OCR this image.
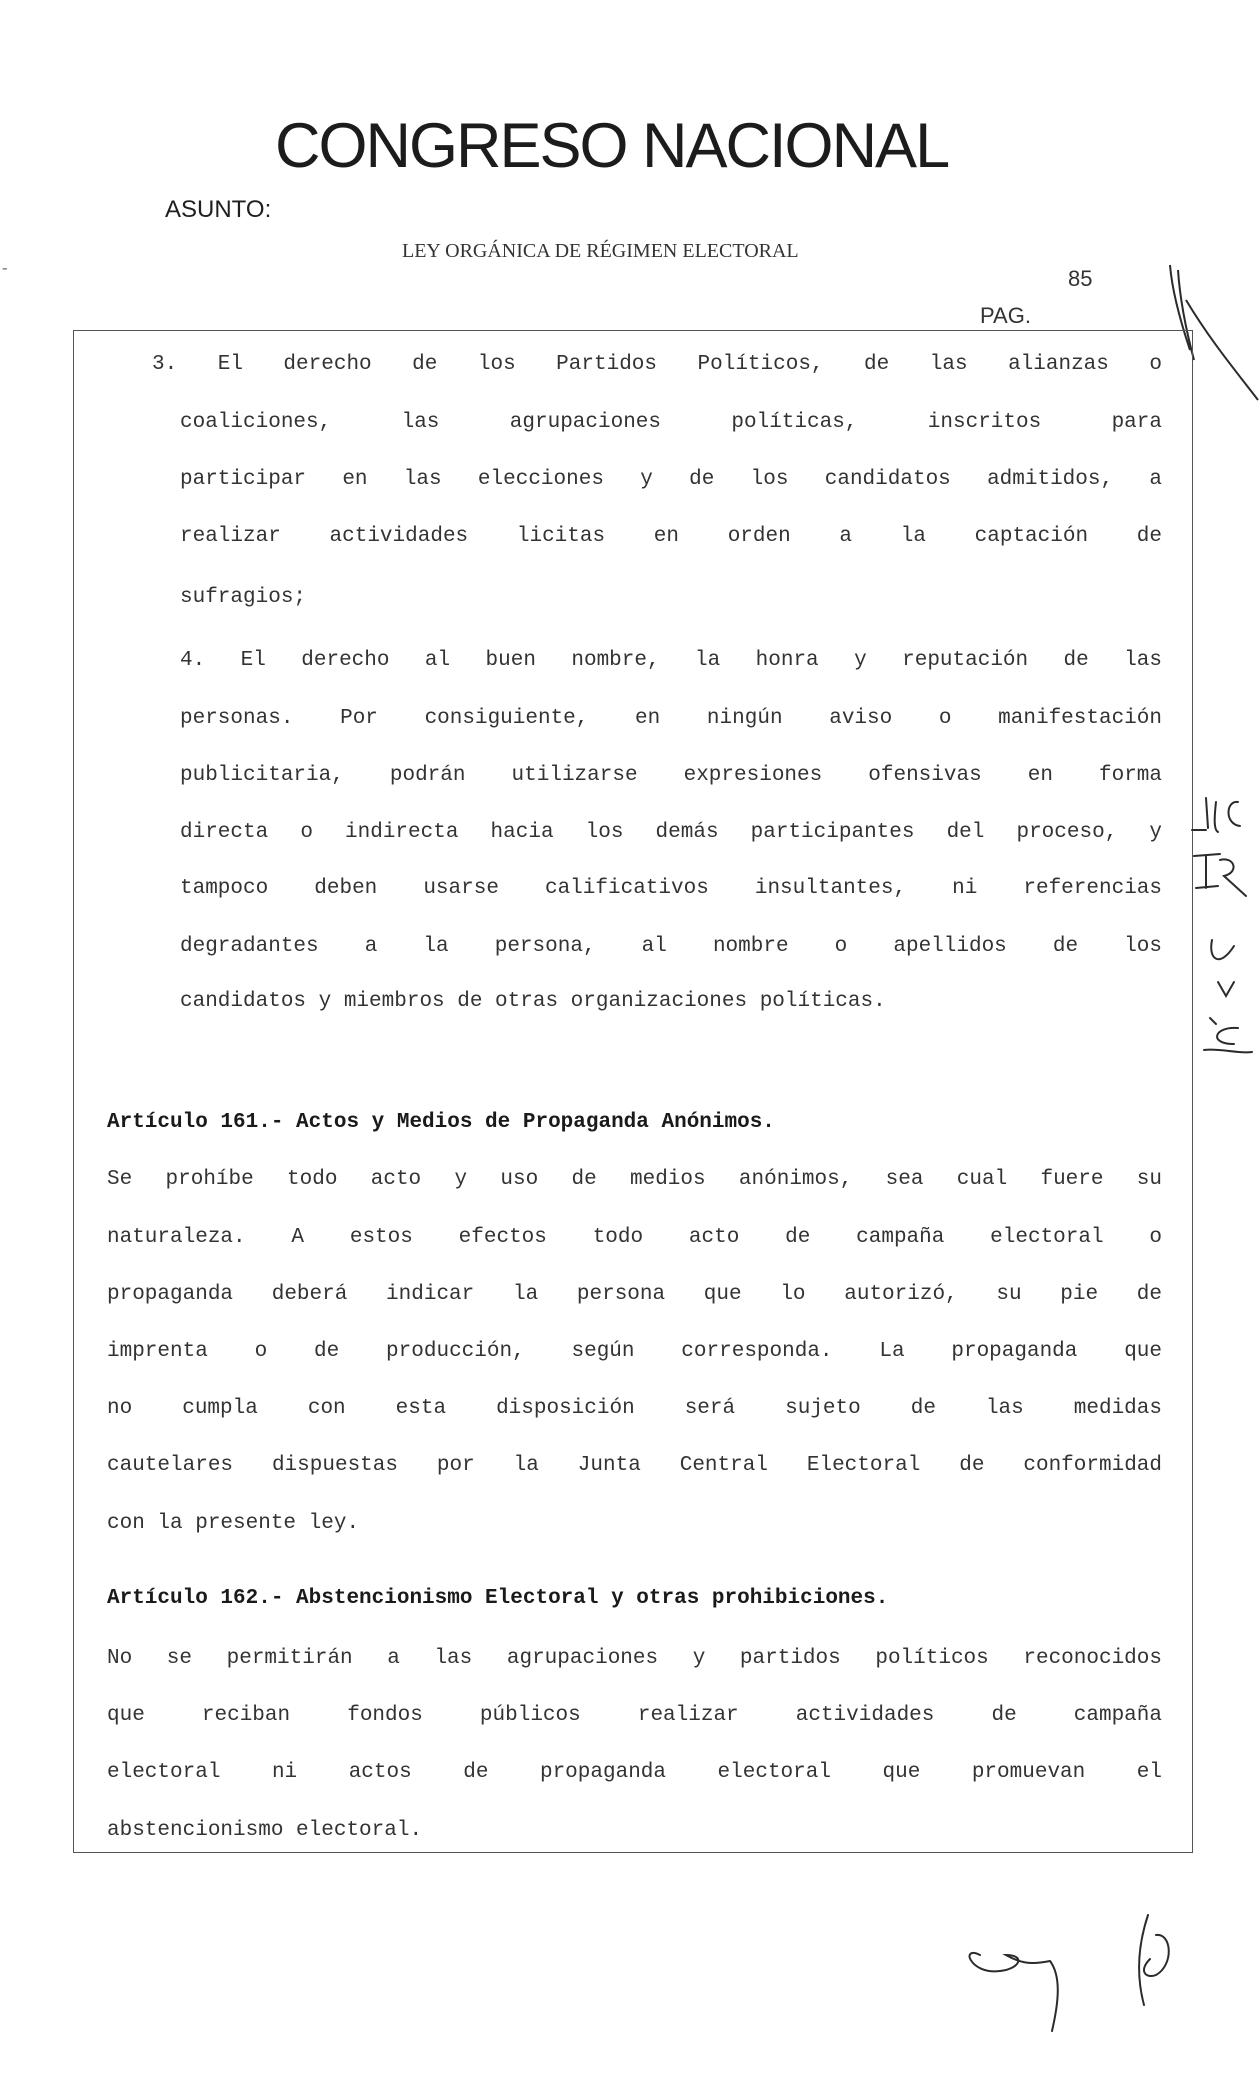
CONGRESO NACIONAL
ASUNTO:
LEY ORGÁNICA DE RÉGIMEN ELECTORAL
85
PAG.
-
3. El derecho de los Partidos Políticos, de las alianzas o
coaliciones, las agrupaciones políticas, inscritos para
participar en las elecciones y de los candidatos admitidos, a
realizar actividades licitas en orden a la captación de
sufragios;
4. El derecho al buen nombre, la honra y reputación de las
personas. Por consiguiente, en ningún aviso o manifestación
publicitaria, podrán utilizarse expresiones ofensivas en forma
directa o indirecta hacia los demás participantes del proceso, y
tampoco deben usarse calificativos insultantes, ni referencias
degradantes a la persona, al nombre o apellidos de los
candidatos y miembros de otras organizaciones políticas.
Artículo 161.- Actos y Medios de Propaganda Anónimos.
Se prohíbe todo acto y uso de medios anónimos, sea cual fuere su
naturaleza. A estos efectos todo acto de campaña electoral o
propaganda deberá indicar la persona que lo autorizó, su pie de
imprenta o de producción, según corresponda. La propaganda que
no cumpla con esta disposición será sujeto de las medidas
cautelares dispuestas por la Junta Central Electoral de conformidad
con la presente ley.
Artículo 162.- Abstencionismo Electoral y otras prohibiciones.
No se permitirán a las agrupaciones y partidos políticos reconocidos
que reciban fondos públicos realizar actividades de campaña
electoral ni actos de propaganda electoral que promuevan el
abstencionismo electoral.
